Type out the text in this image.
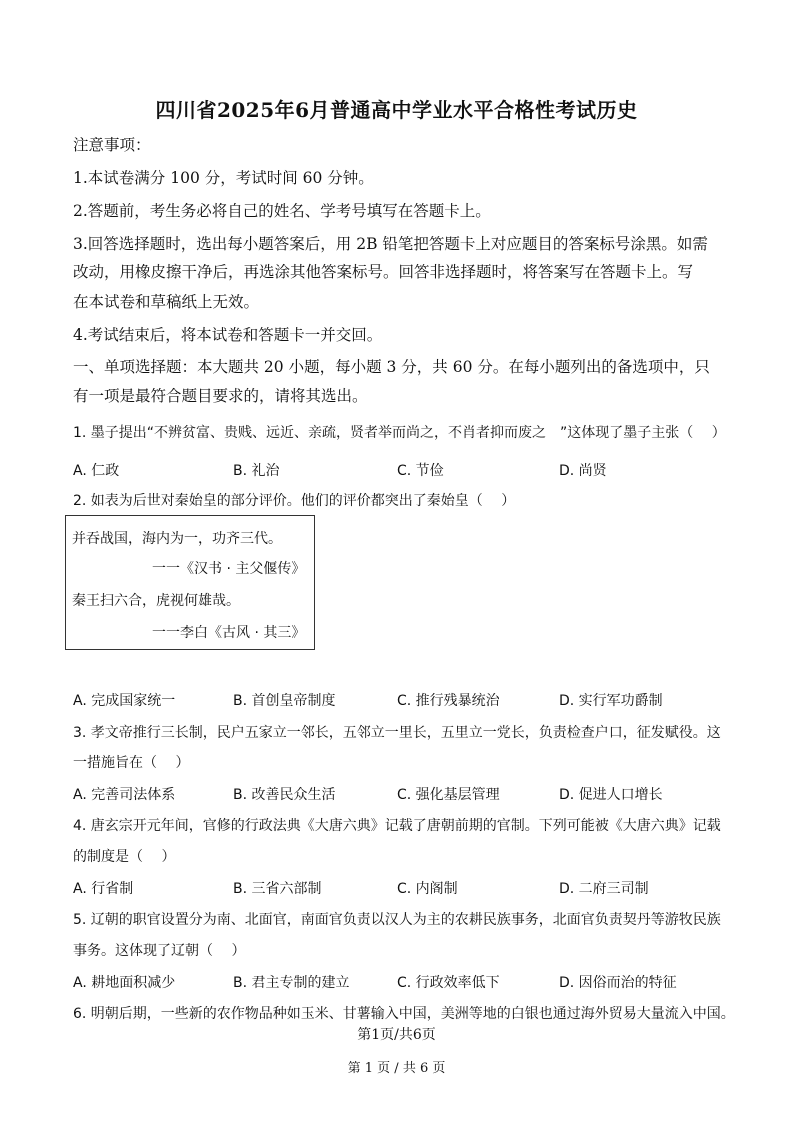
四川省2025年6月普通高中学业水平合格性考试历史
注意事项：
1.本试卷满分 100 分，考试时间 60 分钟。
2.答题前，考生务必将自己的姓名、学考号填写在答题卡上。
3.回答选择题时，选出每小题答案后，用 2B 铅笔把答题卡上对应题目的答案标号涂黑。如需
改动，用橡皮擦干净后，再选涂其他答案标号。回答非选择题时，将答案写在答题卡上。写
在本试卷和草稿纸上无效。
4.考试结束后，将本试卷和答题卡一并交回。
一、单项选择题：本大题共 20 小题，每小题 3 分，共 60 分。在每小题列出的备选项中，只
有一项是最符合题目要求的，请将其选出。
1. 墨子提出“不辨贫富、贵贱、远近、亲疏，贤者举而尚之，不肖者抑而废之　”这体现了墨子主张（　 ）
A. 仁政	B. 礼治	C. 节俭	D. 尚贤
2. 如表为后世对秦始皇的部分评价。他们的评价都突出了秦始皇（　 ）
并吞战国，海内为一，功齐三代。
一一《汉书 · 主父偃传》
秦王扫六合，虎视何雄哉。
一一李白《古风 · 其三》
A. 完成国家统一	B. 首创皇帝制度	C. 推行残暴统治	D. 实行军功爵制
3. 孝文帝推行三长制，民户五家立一邻长，五邻立一里长，五里立一党长，负责检查户口，征发赋役。这
一措施旨在（　 ）
A. 完善司法体系	B. 改善民众生活	C. 强化基层管理	D. 促进人口增长
4. 唐玄宗开元年间，官修的行政法典《大唐六典》记载了唐朝前期的官制。下列可能被《大唐六典》记载
的制度是（　 ）
A. 行省制	B. 三省六部制	C. 内阁制	D. 二府三司制
5. 辽朝的职官设置分为南、北面官，南面官负责以汉人为主的农耕民族事务，北面官负责契丹等游牧民族
事务。这体现了辽朝（　 ）
A. 耕地面积减少	B. 君主专制的建立	C. 行政效率低下	D. 因俗而治的特征
6. 明朝后期，一些新的农作物品种如玉米、甘薯输入中国，美洲等地的白银也通过海外贸易大量流入中国。
第1页/共6页
第 1 页 / 共 6 页
